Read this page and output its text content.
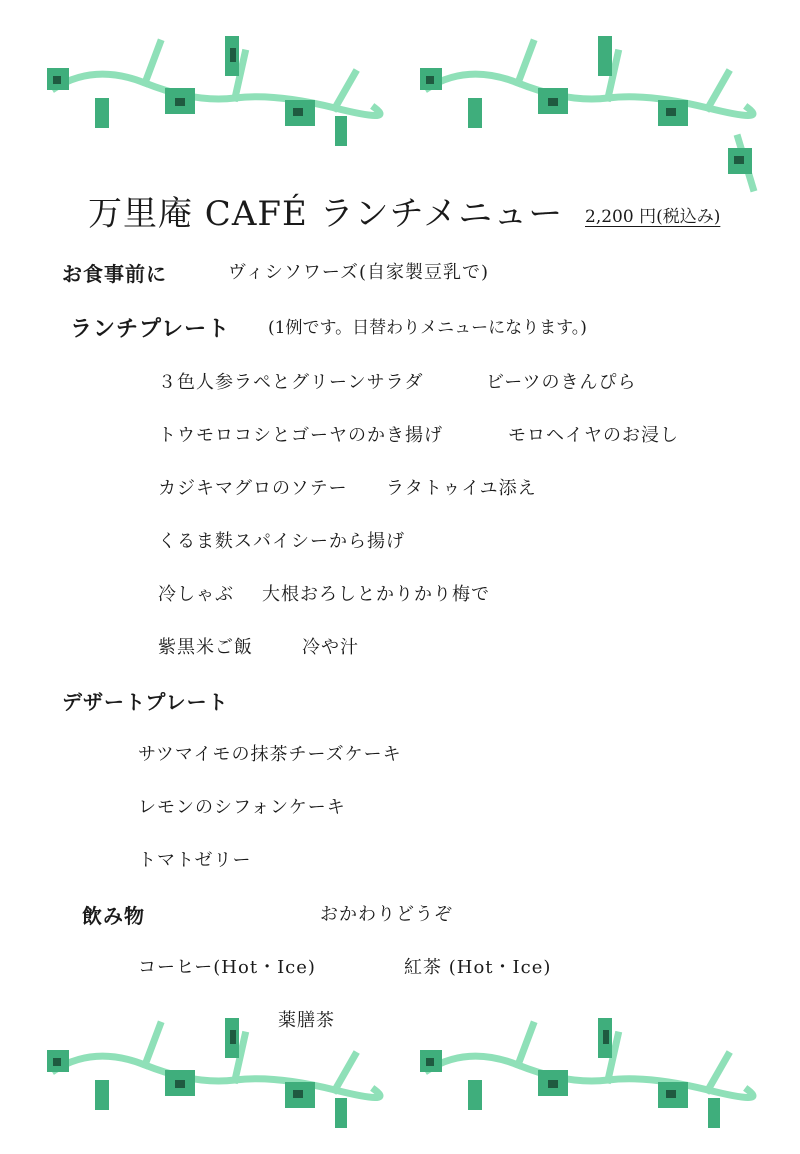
万里庵 CAFÉ ランチメニュー 2,200 円(税込み)
お食事前に	ヴィシソワーズ(自家製豆乳で)
ランチプレート (1例です。日替わりメニューになります。)
３色人参ラペとグリーンサラダ	ビーツのきんぴら
トウモロコシとゴーヤのかき揚げ	モロヘイヤのお浸し
カジキマグロのソテー ラタトゥイユ添え
くるま麩スパイシーから揚げ
冷しゃぶ 大根おろしとかりかり梅で
紫黒米ご飯	冷や汁
デザートプレート
サツマイモの抹茶チーズケーキ
レモンのシフォンケーキ
トマトゼリー
飲み物	おかわりどうぞ
コーヒー(Hot・Ice)	紅茶 (Hot・Ice)
薬膳茶
